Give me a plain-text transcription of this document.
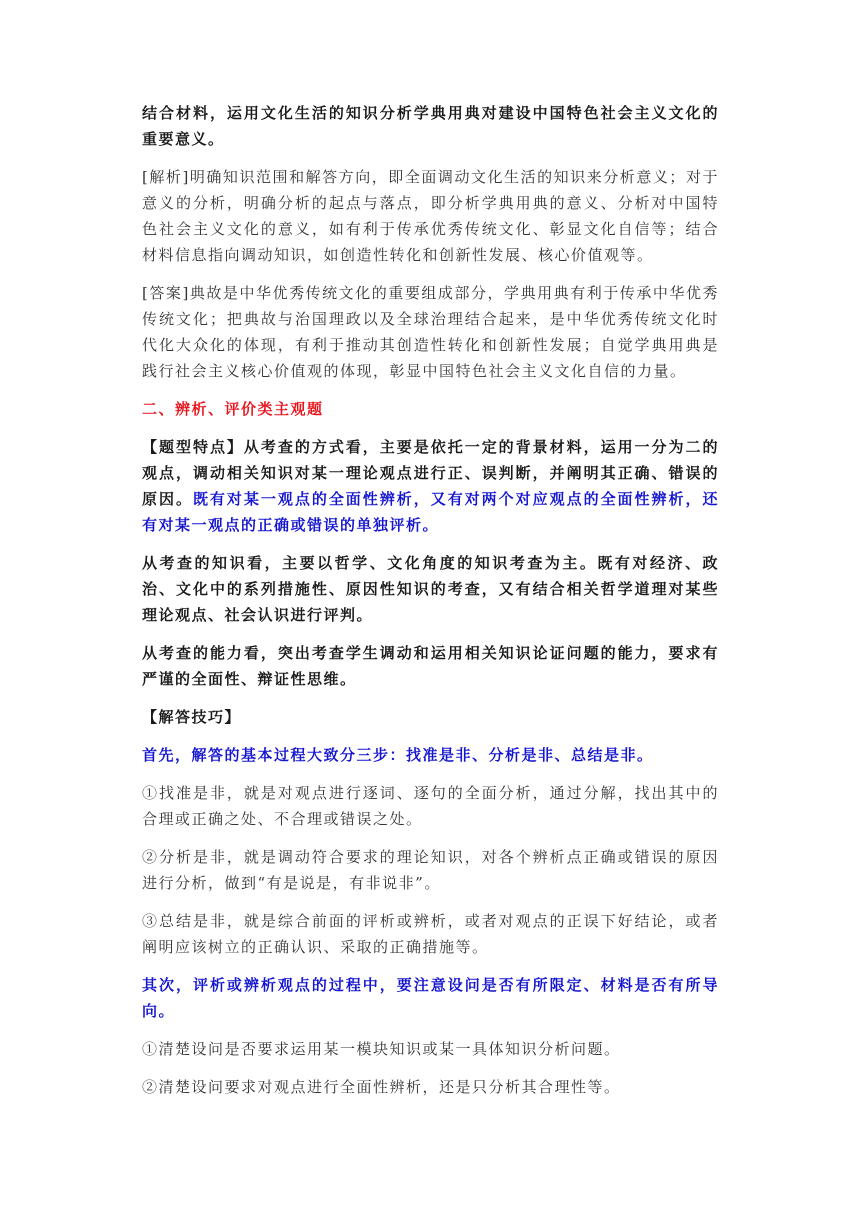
结合材料，运用文化生活的知识分析学典用典对建设中国特色社会主义文化的重要意义。

[解析]明确知识范围和解答方向，即全面调动文化生活的知识来分析意义；对于意义的分析，明确分析的起点与落点，即分析学典用典的意义、分析对中国特色社会主义文化的意义，如有利于传承优秀传统文化、彰显文化自信等；结合材料信息指向调动知识，如创造性转化和创新性发展、核心价值观等。

[答案]典故是中华优秀传统文化的重要组成部分，学典用典有利于传承中华优秀传统文化；把典故与治国理政以及全球治理结合起来，是中华优秀传统文化时代化大众化的体现，有利于推动其创造性转化和创新性发展；自觉学典用典是践行社会主义核心价值观的体现，彰显中国特色社会主义文化自信的力量。

二、辨析、评价类主观题

【题型特点】从考查的方式看，主要是依托一定的背景材料，运用一分为二的观点，调动相关知识对某一理论观点进行正、误判断，并阐明其正确、错误的原因。既有对某一观点的全面性辨析，又有对两个对应观点的全面性辨析，还有对某一观点的正确或错误的单独评析。

从考查的知识看，主要以哲学、文化角度的知识考查为主。既有对经济、政治、文化中的系列措施性、原因性知识的考查，又有结合相关哲学道理对某些理论观点、社会认识进行评判。

从考查的能力看，突出考查学生调动和运用相关知识论证问题的能力，要求有严谨的全面性、辩证性思维。

【解答技巧】

首先，解答的基本过程大致分三步：找准是非、分析是非、总结是非。

①找准是非，就是对观点进行逐词、逐句的全面分析，通过分解，找出其中的合理或正确之处、不合理或错误之处。

②分析是非，就是调动符合要求的理论知识，对各个辨析点正确或错误的原因进行分析，做到“有是说是，有非说非”。

③总结是非，就是综合前面的评析或辨析，或者对观点的正误下好结论，或者阐明应该树立的正确认识、采取的正确措施等。

其次，评析或辨析观点的过程中，要注意设问是否有所限定、材料是否有所导向。

①清楚设问是否要求运用某一模块知识或某一具体知识分析问题。

②清楚设问要求对观点进行全面性辨析，还是只分析其合理性等。
